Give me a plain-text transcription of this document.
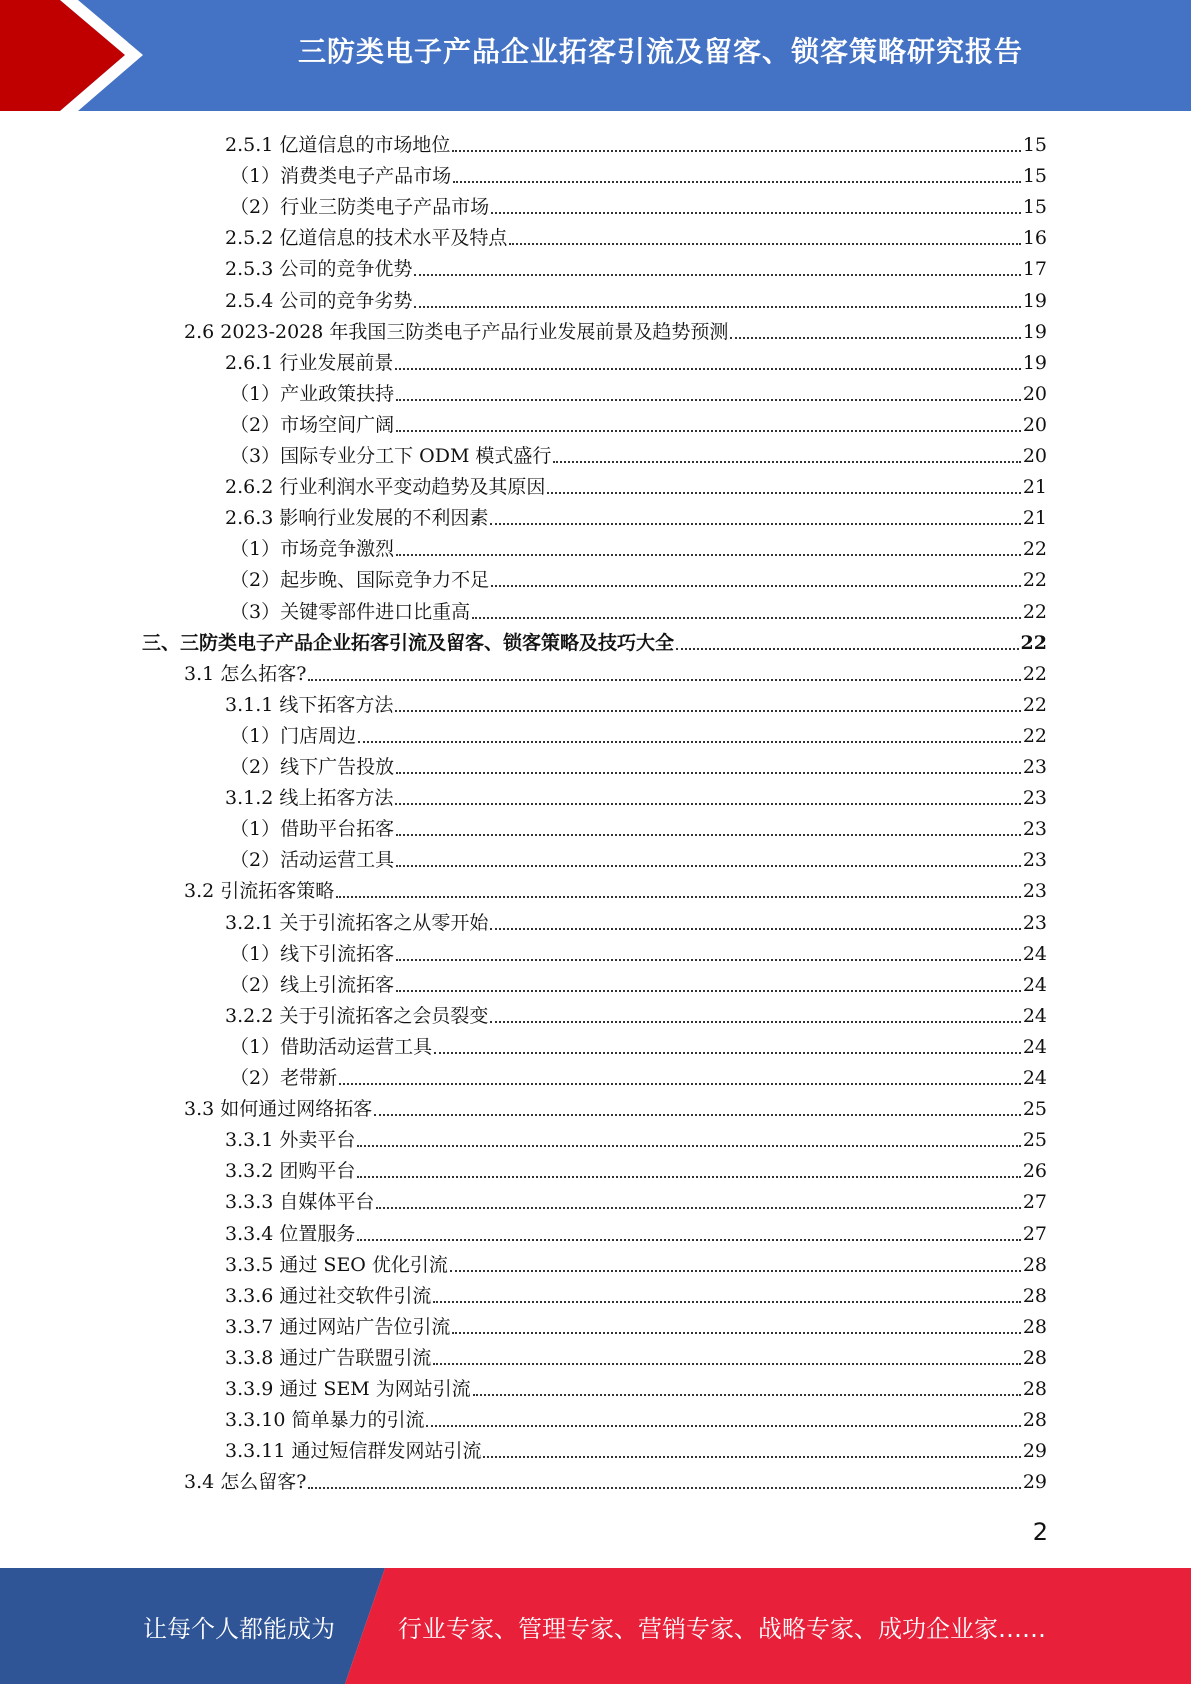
三防类电子产品企业拓客引流及留客、锁客策略研究报告
2.5.1 亿道信息的市场地位	15
（1）消费类电子产品市场	15
（2）行业三防类电子产品市场	15
2.5.2 亿道信息的技术水平及特点	16
2.5.3 公司的竞争优势	17
2.5.4 公司的竞争劣势	19
2.6 2023-2028 年我国三防类电子产品行业发展前景及趋势预测	19
2.6.1 行业发展前景	19
（1）产业政策扶持	20
（2）市场空间广阔	20
（3）国际专业分工下 ODM 模式盛行	20
2.6.2 行业利润水平变动趋势及其原因	21
2.6.3 影响行业发展的不利因素	21
（1）市场竞争激烈	22
（2）起步晚、国际竞争力不足	22
（3）关键零部件进口比重高	22
三、三防类电子产品企业拓客引流及留客、锁客策略及技巧大全	22
3.1 怎么拓客?	22
3.1.1 线下拓客方法	22
（1）门店周边	22
（2）线下广告投放	23
3.1.2 线上拓客方法	23
（1）借助平台拓客	23
（2）活动运营工具	23
3.2 引流拓客策略	23
3.2.1 关于引流拓客之从零开始	23
（1）线下引流拓客	24
（2）线上引流拓客	24
3.2.2 关于引流拓客之会员裂变	24
（1）借助活动运营工具	24
（2）老带新	24
3.3 如何通过网络拓客	25
3.3.1 外卖平台	25
3.3.2 团购平台	26
3.3.3 自媒体平台	27
3.3.4 位置服务	27
3.3.5 通过 SEO 优化引流	28
3.3.6 通过社交软件引流	28
3.3.7 通过网站广告位引流	28
3.3.8 通过广告联盟引流	28
3.3.9 通过 SEM 为网站引流	28
3.3.10 简单暴力的引流	28
3.3.11 通过短信群发网站引流	29
3.4 怎么留客?	29
2
让每个人都能成为	行业专家、管理专家、营销专家、战略专家、成功企业家……
